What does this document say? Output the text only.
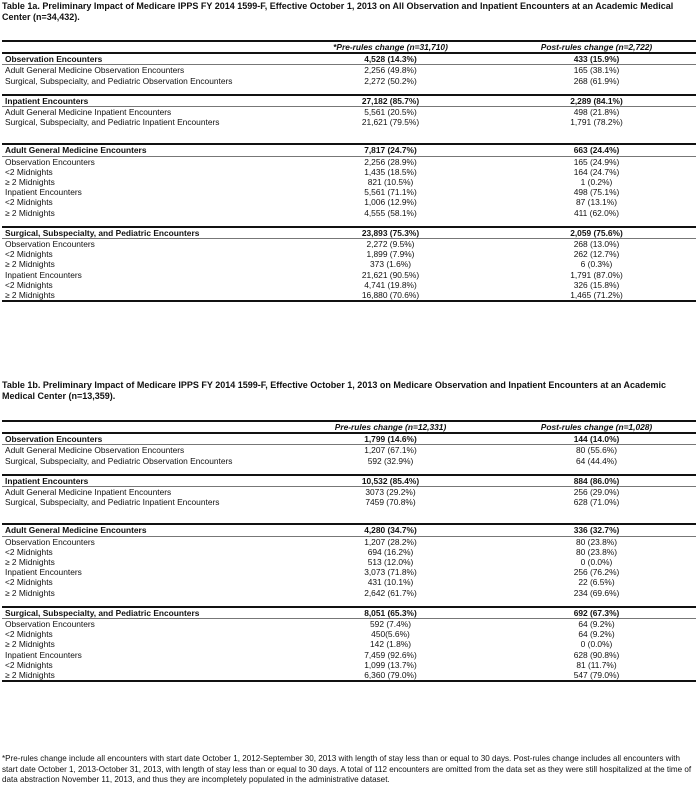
Table 1a. Preliminary Impact of Medicare IPPS FY 2014 1599-F, Effective October 1, 2013 on All Observation and Inpatient Encounters at an Academic Medical Center (n=34,432).
	*Pre-rules change (n=31,710)	Post-rules change (n=2,722)
Observation Encounters	4,528 (14.3%)	433 (15.9%)
Adult General Medicine Observation Encounters	2,256 (49.8%)	165 (38.1%)
Surgical, Subspecialty, and Pediatric Observation Encounters	2,272 (50.2%)	268 (61.9%)

Inpatient Encounters	27,182 (85.7%)	2,289 (84.1%)
Adult General Medicine Inpatient Encounters	5,561 (20.5%)	498 (21.8%)
Surgical, Subspecialty, and Pediatric Inpatient Encounters	21,621 (79.5%)	1,791 (78.2%)

Adult General Medicine Encounters	7,817 (24.7%)	663 (24.4%)
Observation Encounters	2,256 (28.9%)	165 (24.9%)
<2 Midnights	1,435 (18.5%)	164 (24.7%)
≥ 2 Midnights	821 (10.5%)	1 (0.2%)
Inpatient Encounters	5,561 (71.1%)	498 (75.1%)
<2 Midnights	1,006 (12.9%)	87 (13.1%)
≥ 2 Midnights	4,555 (58.1%)	411 (62.0%)

Surgical, Subspecialty, and Pediatric Encounters	23,893 (75.3%)	2,059 (75.6%)
Observation Encounters	2,272 (9.5%)	268 (13.0%)
<2 Midnights	1,899 (7.9%)	262 (12.7%)
≥ 2 Midnights	373 (1.6%)	6 (0.3%)
Inpatient Encounters	21,621 (90.5%)	1,791 (87.0%)
<2 Midnights	4,741 (19.8%)	326 (15.8%)
≥ 2 Midnights	16,880 (70.6%)	1,465 (71.2%)
Table 1b. Preliminary Impact of Medicare IPPS FY 2014 1599-F, Effective October 1, 2013 on Medicare Observation and Inpatient Encounters at an Academic Medical Center (n=13,359).
	Pre-rules change (n=12,331)	Post-rules change (n=1,028)
Observation Encounters	1,799 (14.6%)	144 (14.0%)
Adult General Medicine Observation Encounters	1,207 (67.1%)	80 (55.6%)
Surgical, Subspecialty, and Pediatric Observation Encounters	592 (32.9%)	64 (44.4%)

Inpatient Encounters	10,532 (85.4%)	884 (86.0%)
Adult General Medicine Inpatient Encounters	3073 (29.2%)	256 (29.0%)
Surgical, Subspecialty, and Pediatric Inpatient Encounters	7459 (70.8%)	628 (71.0%)

Adult General Medicine Encounters	4,280 (34.7%)	336 (32.7%)
Observation Encounters	1,207 (28.2%)	80 (23.8%)
<2 Midnights	694 (16.2%)	80 (23.8%)
≥ 2 Midnights	513 (12.0%)	0 (0.0%)
Inpatient Encounters	3,073 (71.8%)	256 (76.2%)
<2 Midnights	431 (10.1%)	22 (6.5%)
≥ 2 Midnights	2,642 (61.7%)	234 (69.6%)

Surgical, Subspecialty, and Pediatric Encounters	8,051 (65.3%)	692 (67.3%)
Observation Encounters	592 (7.4%)	64 (9.2%)
<2 Midnights	450(5.6%)	64 (9.2%)
≥ 2 Midnights	142 (1.8%)	0 (0.0%)
Inpatient Encounters	7,459 (92.6%)	628 (90.8%)
<2 Midnights	1,099 (13.7%)	81 (11.7%)
≥ 2 Midnights	6,360 (79.0%)	547 (79.0%)
*Pre-rules change include all encounters with start date October 1, 2012-September 30, 2013 with length of stay less than or equal to 30 days. Post-rules change includes all encounters with start date October 1, 2013-October 31, 2013, with length of stay less than or equal to 30 days. A total of 112 encounters are omitted from the data set as they were still hospitalized at the time of data abstraction November 11, 2013, and thus they are incompletely populated in the administrative dataset.
